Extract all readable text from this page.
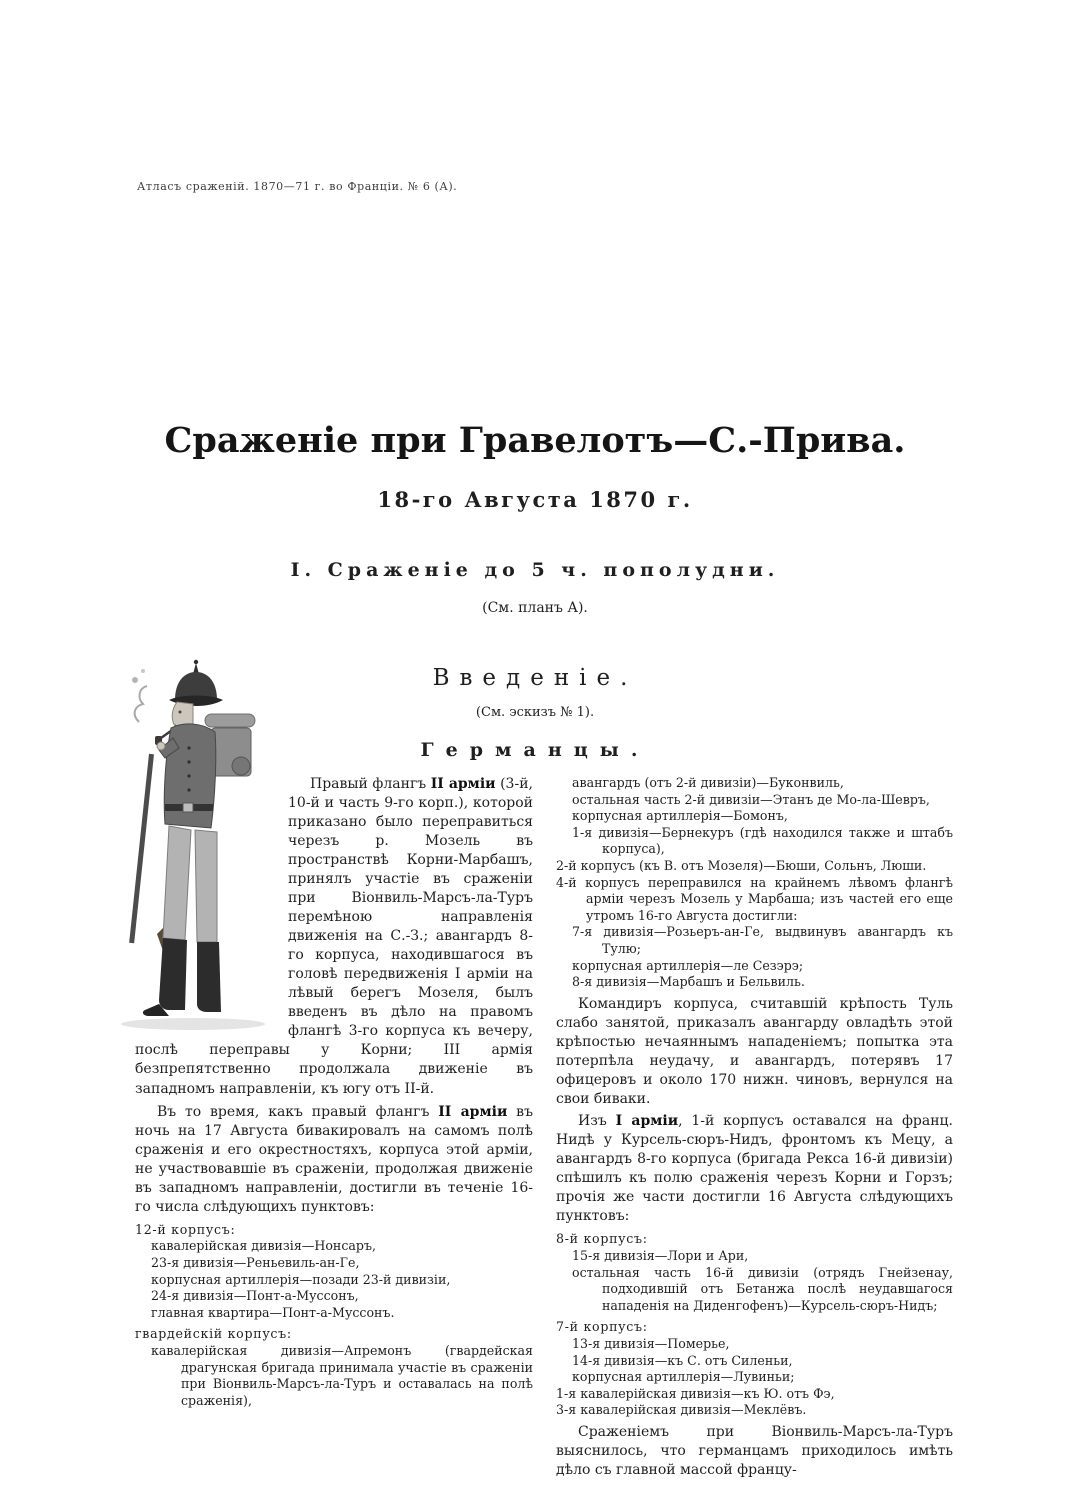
Атласъ сраженій. 1870—71 г. во Франціи. № 6 (А).
Сраженіе при Гравелотъ—С.-Прива.
18-го Августа 1870 г.
I. Сраженіе до 5 ч. пополудни.
(См. планъ А).
Введеніе.
(См. эскизъ № 1).
Германцы.

Правый флангъ II арміи (3-й, 10-й и часть 9-го корп.), которой приказано было переправиться черезъ р. Мозель въ пространствѣ Корни-Марбашъ, принялъ участіе въ сраженіи при Віонвиль-Марсъ-ла-Туръ перемѣною направленія движенія на С.-З.; авангардъ 8-го корпуса, находившагося въ головѣ передвиженія I арміи на лѣвый берегъ Мозеля, былъ введенъ въ дѣло на правомъ флангѣ 3-го корпуса къ вечеру, послѣ переправы у Корни; III армія безпрепятственно продолжала движеніе въ западномъ направленіи, къ югу отъ II-й.

Въ то время, какъ правый флангъ II арміи въ ночь на 17 Августа бивакировалъ на самомъ полѣ сраженія и его окрестностяхъ, корпуса этой арміи, не участвовавшіе въ сраженіи, продолжая движеніе въ западномъ направленіи, достигли въ теченіе 16-го числа слѣдующихъ пунктовъ:

12-й корпусъ:
кавалерійская дивизія—Нонсаръ,
23-я дивизія—Реньевиль-ан-Ге,
корпусная артиллерія—позади 23-й дивизіи,
24-я дивизія—Понт-а-Муссонъ,
главная квартира—Понт-а-Муссонъ.
гвардейскій корпусъ:
кавалерійская дивизія—Апремонъ (гвардейская драгунская бригада принимала участіе въ сраженіи при Віонвиль-Марсъ-ла-Туръ и оставалась на полѣ сраженія),
авангардъ (отъ 2-й дивизіи)—Буконвиль,
остальная часть 2-й дивизіи—Этанъ де Мо-ла-Шевръ,
корпусная артиллерія—Бомонъ,
1-я дивизія—Бернекуръ (гдѣ находился также и штабъ корпуса),
2-й корпусъ (къ В. отъ Мозеля)—Бюши, Сольнъ, Люши.
4-й корпусъ переправился на крайнемъ лѣвомъ флангѣ арміи черезъ Мозель у Марбаша; изъ частей его еще утромъ 16-го Августа достигли:
7-я дивизія—Розьеръ-ан-Ге, выдвинувъ авангардъ къ Тулю;
корпусная артиллерія—ле Сезэрэ;
8-я дивизія—Марбашъ и Бельвиль.

Командиръ корпуса, считавшій крѣпость Туль слабо занятой, приказалъ авангарду овладѣть этой крѣпостью нечаяннымъ нападеніемъ; попытка эта потерпѣла неудачу, и авангардъ, потерявъ 17 офицеровъ и около 170 нижн. чиновъ, вернулся на свои биваки.

Изъ I арміи, 1-й корпусъ оставался на франц. Нидѣ у Курсель-сюръ-Нидъ, фронтомъ къ Мецу, а авангардъ 8-го корпуса (бригада Рекса 16-й дивизіи) спѣшилъ къ полю сраженія черезъ Корни и Горзъ; прочія же части достигли 16 Августа слѣдующихъ пунктовъ:

8-й корпусъ:
15-я дивизія—Лори и Ари,
остальная часть 16-й дивизіи (отрядъ Гнейзенау, подходившій отъ Бетанжа послѣ неудавшагося нападенія на Диденгофенъ)—Курсель-сюръ-Нидъ;
7-й корпусъ:
13-я дивизія—Померье,
14-я дивизія—къ С. отъ Силеньи,
корпусная артиллерія—Лувиньи;
1-я кавалерійская дивизія—къ Ю. отъ Фэ,
3-я кавалерійская дивизія—Меклёвъ.

Сраженіемъ при Віонвиль-Марсъ-ла-Туръ выяснилось, что германцамъ приходилось имѣть дѣло съ главной массой францу-
